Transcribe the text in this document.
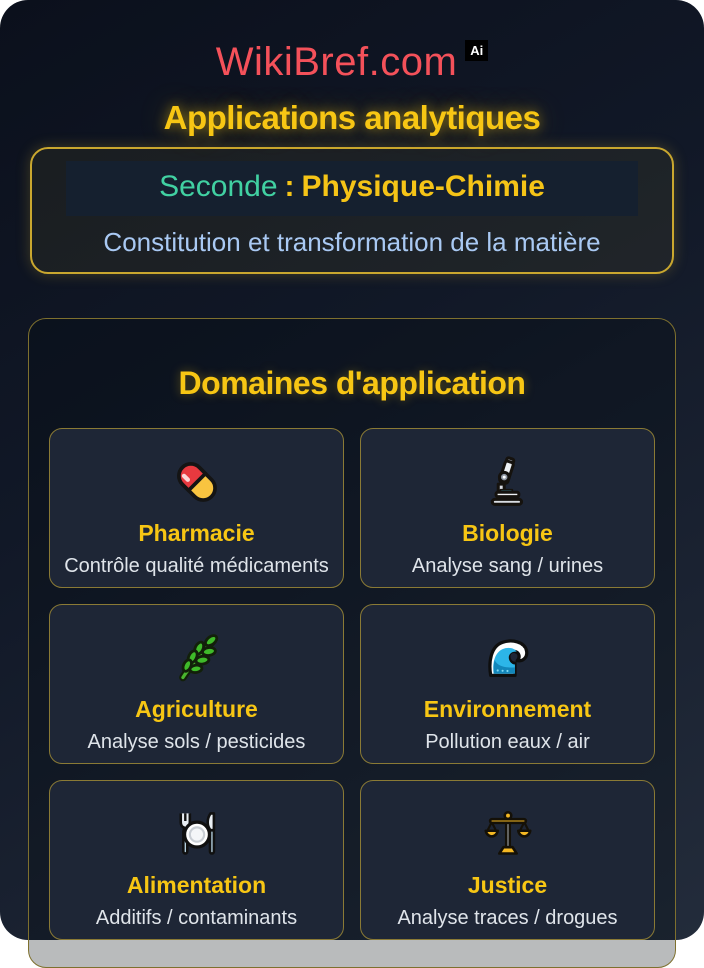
WikiBref.com Ai
Applications analytiques
Seconde : Physique-Chimie
Constitution et transformation de la matière
Domaines d'application
Pharmacie
Contrôle qualité médicaments
Biologie
Analyse sang / urines
Agriculture
Analyse sols / pesticides
Environnement
Pollution eaux / air
Alimentation
Additifs / contaminants
Justice
Analyse traces / drogues
